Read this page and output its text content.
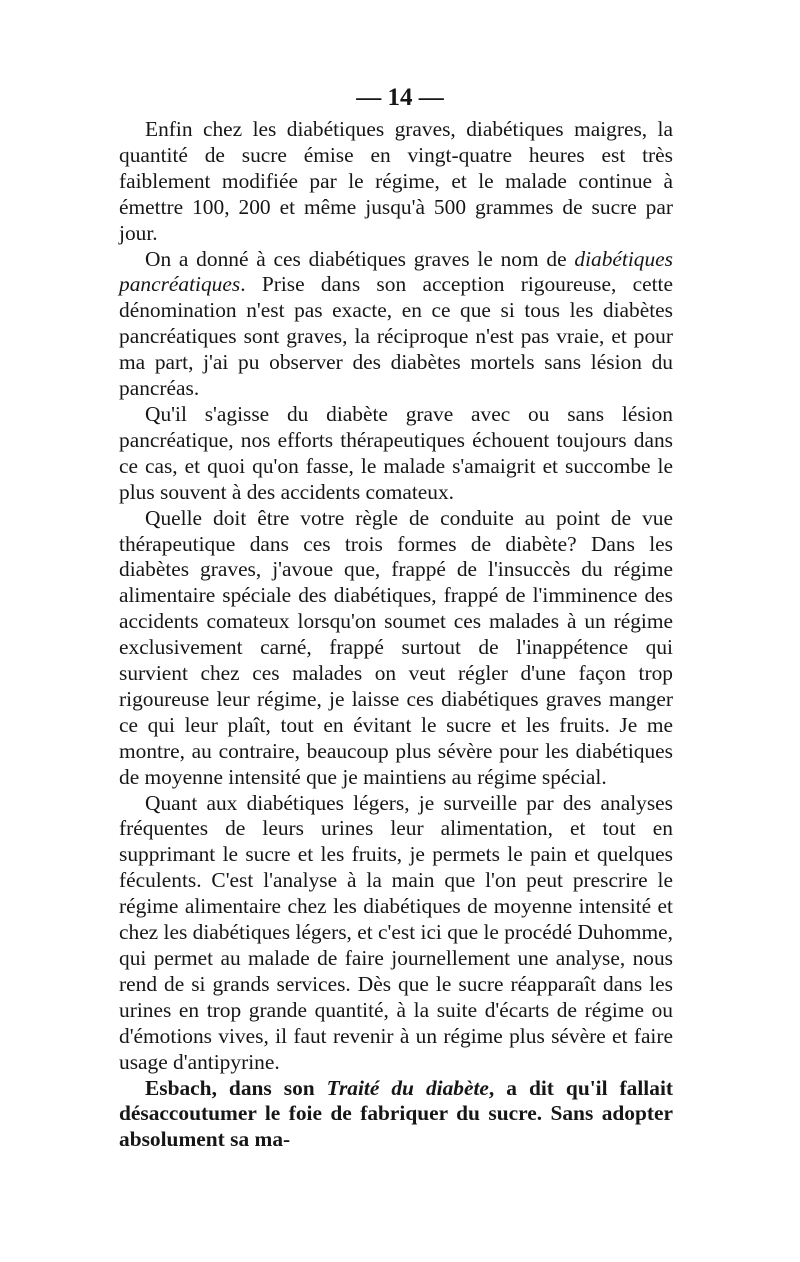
— 14 —

Enfin chez les diabétiques graves, diabétiques maigres, la quantité de sucre émise en vingt-quatre heures est très faiblement modifiée par le régime, et le malade continue à émettre 100, 200 et même jusqu'à 500 grammes de sucre par jour.

On a donné à ces diabétiques graves le nom de diabétiques pancréatiques. Prise dans son acception rigoureuse, cette dénomination n'est pas exacte, en ce que si tous les diabètes pancréatiques sont graves, la réciproque n'est pas vraie, et pour ma part, j'ai pu observer des diabètes mortels sans lésion du pancréas.

Qu'il s'agisse du diabète grave avec ou sans lésion pancréatique, nos efforts thérapeutiques échouent toujours dans ce cas, et quoi qu'on fasse, le malade s'amaigrit et succombe le plus souvent à des accidents comateux.

Quelle doit être votre règle de conduite au point de vue thérapeutique dans ces trois formes de diabète? Dans les diabètes graves, j'avoue que, frappé de l'insuccès du régime alimentaire spéciale des diabétiques, frappé de l'imminence des accidents comateux lorsqu'on soumet ces malades à un régime exclusivement carné, frappé surtout de l'inappétence qui survient chez ces malades on veut régler d'une façon trop rigoureuse leur régime, je laisse ces diabétiques graves manger ce qui leur plaît, tout en évitant le sucre et les fruits. Je me montre, au contraire, beaucoup plus sévère pour les diabétiques de moyenne intensité que je maintiens au régime spécial.

Quant aux diabétiques légers, je surveille par des analyses fréquentes de leurs urines leur alimentation, et tout en supprimant le sucre et les fruits, je permets le pain et quelques féculents. C'est l'analyse à la main que l'on peut prescrire le régime alimentaire chez les diabétiques de moyenne intensité et chez les diabétiques légers, et c'est ici que le procédé Duhomme, qui permet au malade de faire journellement une analyse, nous rend de si grands services. Dès que le sucre réapparaît dans les urines en trop grande quantité, à la suite d'écarts de régime ou d'émotions vives, il faut revenir à un régime plus sévère et faire usage d'antipyrine.

Esbach, dans son Traité du diabète, a dit qu'il fallait désaccoutumer le foie de fabriquer du sucre. Sans adopter absolument sa ma-
